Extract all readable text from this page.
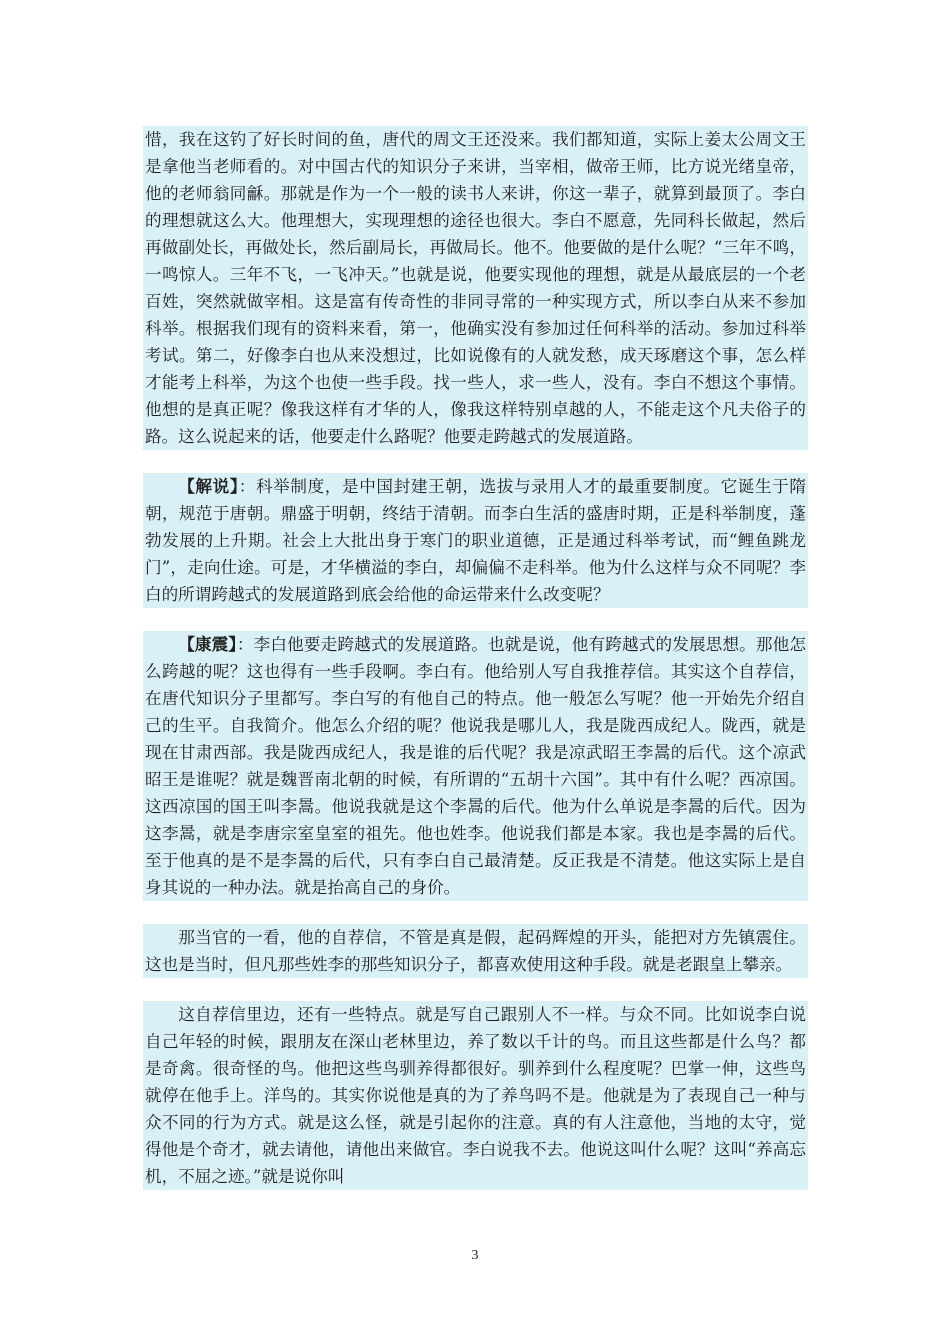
惜，我在这钓了好长时间的鱼，唐代的周文王还没来。我们都知道，实际上姜太公周文王是拿他当老师看的。对中国古代的知识分子来讲，当宰相，做帝王师，比方说光绪皇帝，他的老师翁同龢。那就是作为一个一般的读书人来讲，你这一辈子，就算到最顶了。李白的理想就这么大。他理想大，实现理想的途径也很大。李白不愿意，先同科长做起，然后再做副处长，再做处长，然后副局长，再做局长。他不。他要做的是什么呢？“三年不鸣，一鸣惊人。三年不飞，一飞冲天。”也就是说，他要实现他的理想，就是从最底层的一个老百姓，突然就做宰相。这是富有传奇性的非同寻常的一种实现方式，所以李白从来不参加科举。根据我们现有的资料来看，第一，他确实没有参加过任何科举的活动。参加过科举考试。第二，好像李白也从来没想过，比如说像有的人就发愁，成天琢磨这个事，怎么样才能考上科举，为这个也使一些手段。找一些人，求一些人，没有。李白不想这个事情。他想的是真正呢？像我这样有才华的人，像我这样特别卓越的人，不能走这个凡夫俗子的路。这么说起来的话，他要走什么路呢？他要走跨越式的发展道路。

【解说】：科举制度，是中国封建王朝，选拔与录用人才的最重要制度。它诞生于隋朝，规范于唐朝。鼎盛于明朝，终结于清朝。而李白生活的盛唐时期，正是科举制度，蓬勃发展的上升期。社会上大批出身于寒门的职业道德，正是通过科举考试，而“鲤鱼跳龙门”，走向仕途。可是，才华横溢的李白，却偏偏不走科举。他为什么这样与众不同呢？李白的所谓跨越式的发展道路到底会给他的命运带来什么改变呢？

【康震】：李白他要走跨越式的发展道路。也就是说，他有跨越式的发展思想。那他怎么跨越的呢？这也得有一些手段啊。李白有。他给别人写自我推荐信。其实这个自荐信，在唐代知识分子里都写。李白写的有他自己的特点。他一般怎么写呢？他一开始先介绍自己的生平。自我简介。他怎么介绍的呢？他说我是哪儿人，我是陇西成纪人。陇西，就是现在甘肃西部。我是陇西成纪人，我是谁的后代呢？我是凉武昭王李暠的后代。这个凉武昭王是谁呢？就是魏晋南北朝的时候，有所谓的“五胡十六国”。其中有什么呢？西凉国。这西凉国的国王叫李暠。他说我就是这个李暠的后代。他为什么单说是李暠的后代。因为这李暠，就是李唐宗室皇室的祖先。他也姓李。他说我们都是本家。我也是李暠的后代。至于他真的是不是李暠的后代，只有李白自己最清楚。反正我是不清楚。他这实际上是自身其说的一种办法。就是抬高自己的身价。

那当官的一看，他的自荐信，不管是真是假，起码辉煌的开头，能把对方先镇震住。这也是当时，但凡那些姓李的那些知识分子，都喜欢使用这种手段。就是老跟皇上攀亲。

这自荐信里边，还有一些特点。就是写自己跟别人不一样。与众不同。比如说李白说自己年轻的时候，跟朋友在深山老林里边，养了数以千计的鸟。而且这些都是什么鸟？都是奇禽。很奇怪的鸟。他把这些鸟驯养得都很好。驯养到什么程度呢？巴掌一伸，这些鸟就停在他手上。洋鸟的。其实你说他是真的为了养鸟吗不是。他就是为了表现自己一种与众不同的行为方式。就是这么怪，就是引起你的注意。真的有人注意他，当地的太守，觉得他是个奇才，就去请他，请他出来做官。李白说我不去。他说这叫什么呢？这叫“养高忘机，不屈之迹。”就是说你叫

3
